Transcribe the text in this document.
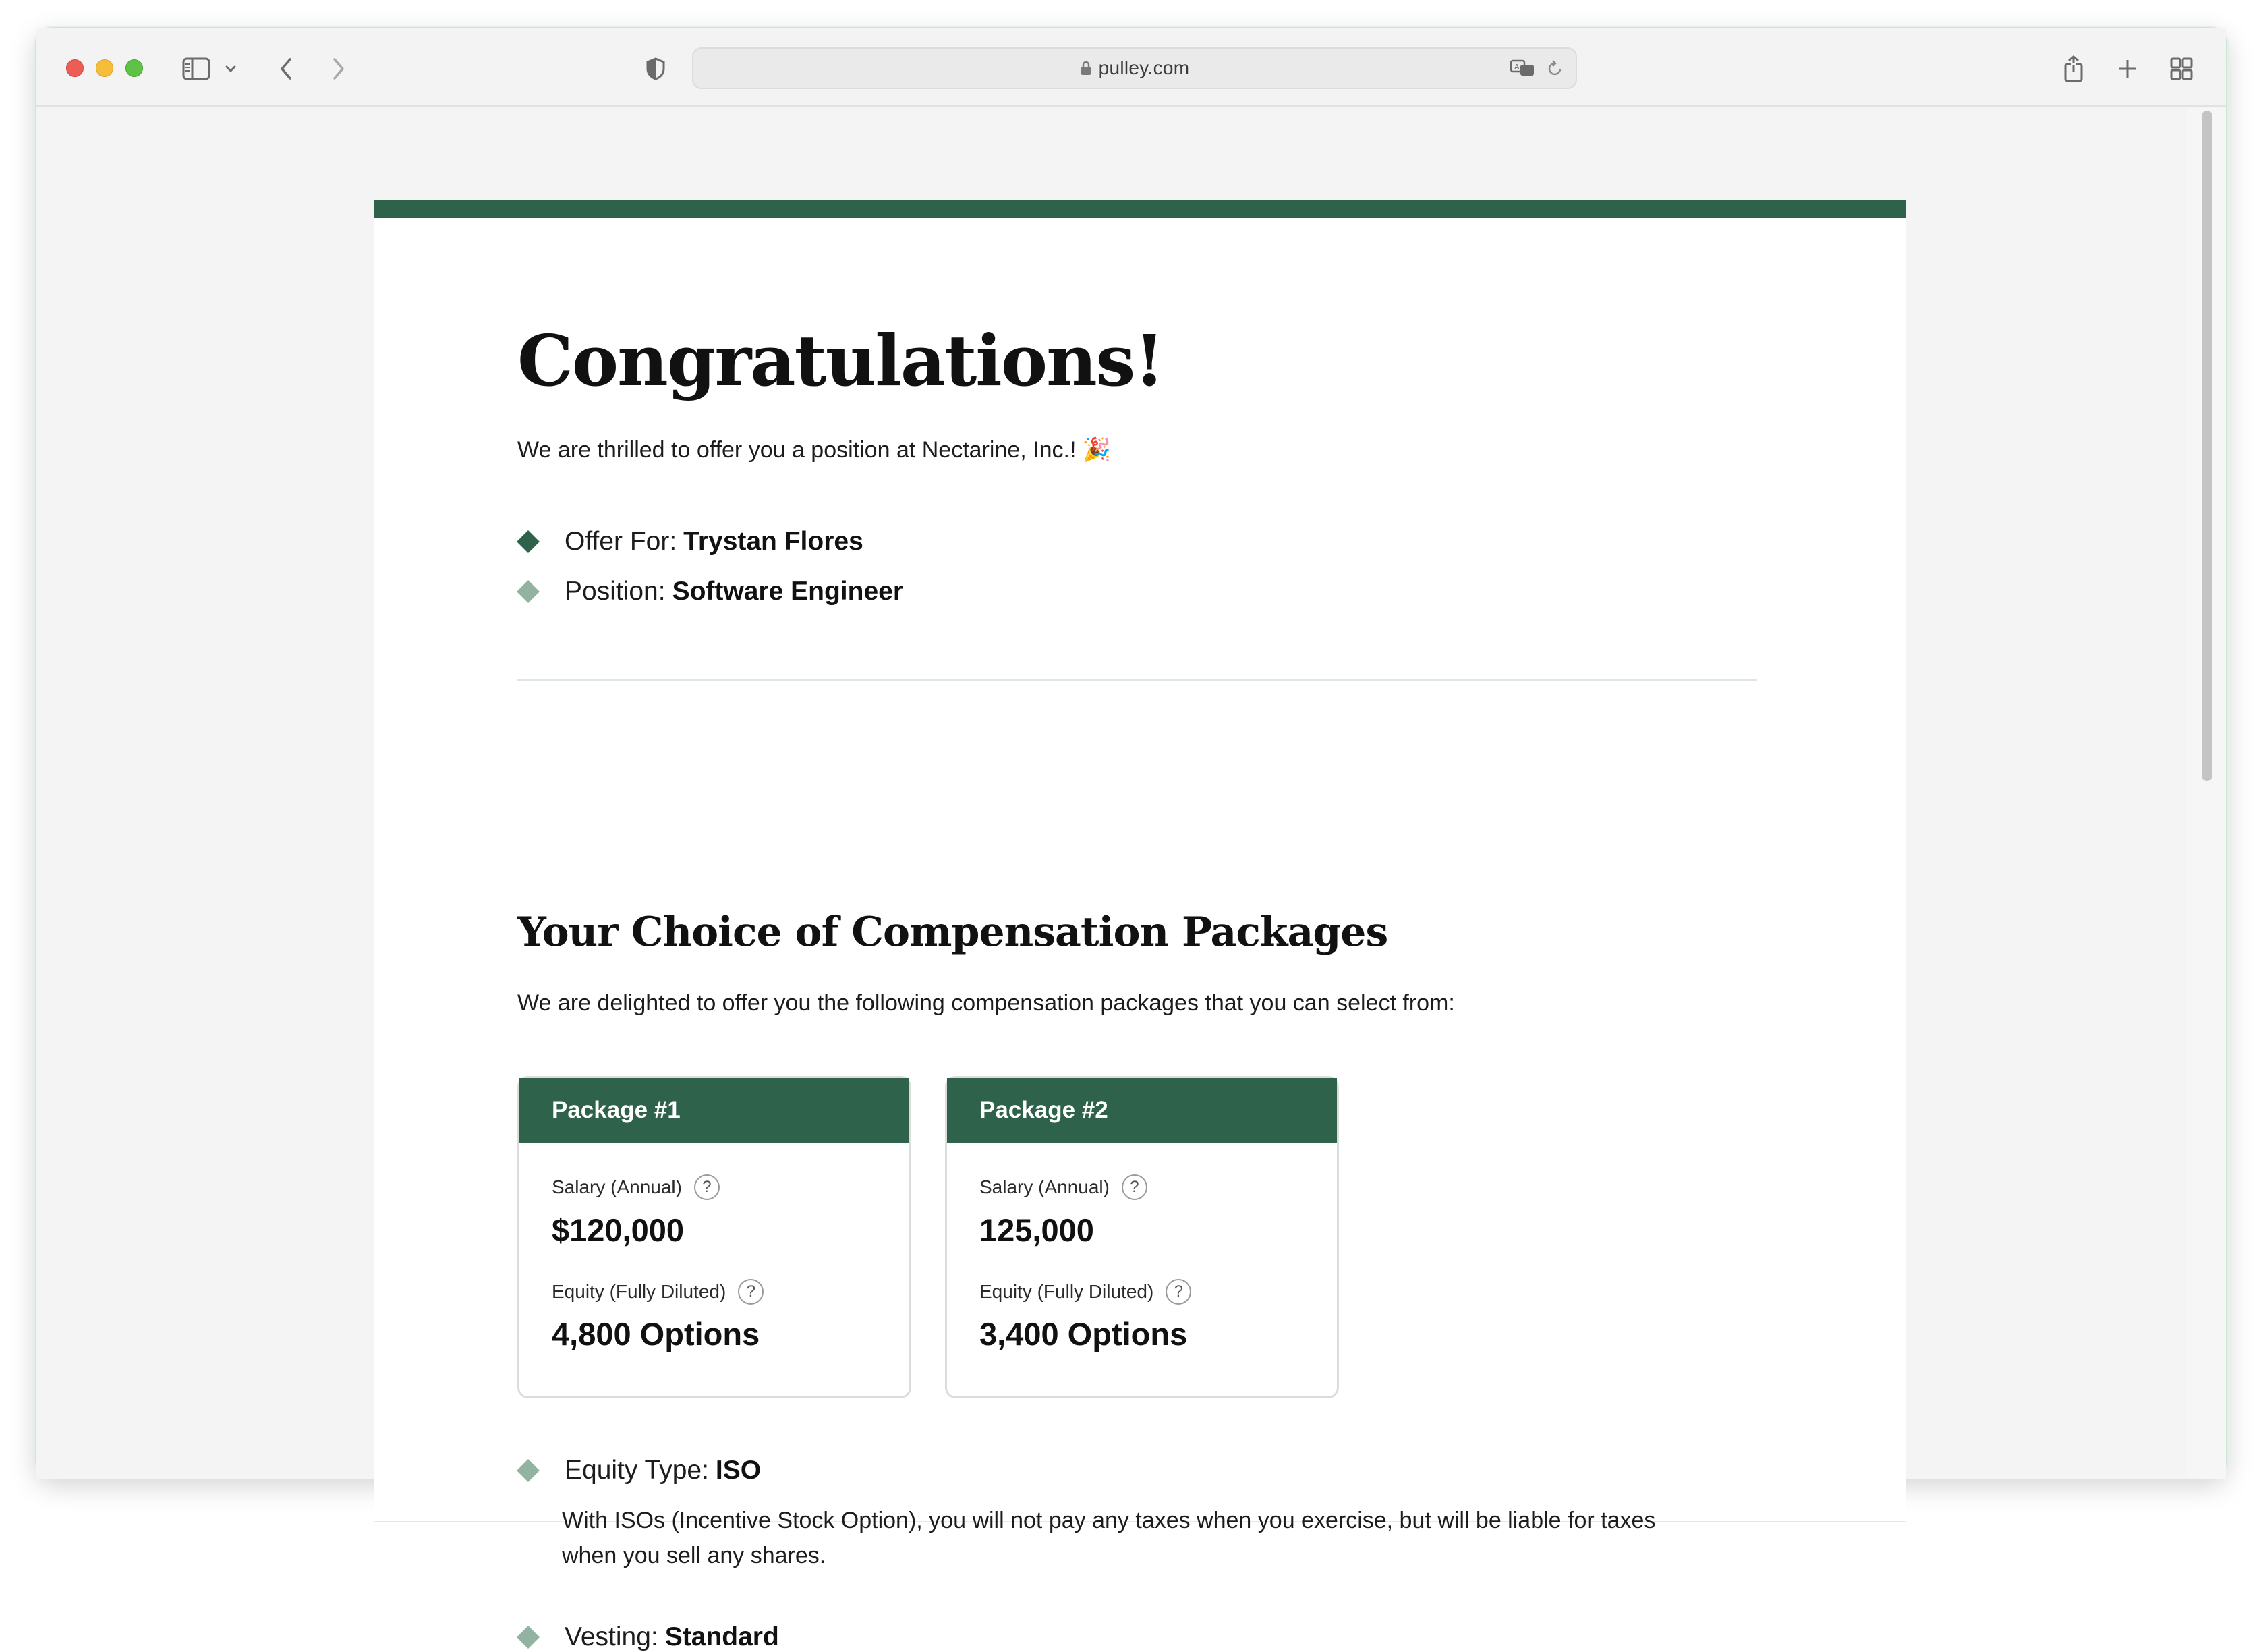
pulley.com	A
Congratulations!
We are thrilled to offer you a position at Nectarine, Inc.! 🎉
Offer For: Trystan Flores
Position: Software Engineer
Your Choice of Compensation Packages
We are delighted to offer you the following compensation packages that you can select from:
Package #1
Salary (Annual)	?
$120,000
Equity (Fully Diluted)	?
4,800 Options
Package #2
Salary (Annual)	?
125,000
Equity (Fully Diluted)	?
3,400 Options
Equity Type: ISO
With ISOs (Incentive Stock Option), you will not pay any taxes when you exercise, but will be liable for taxes when you sell any shares.
Vesting: Standard
